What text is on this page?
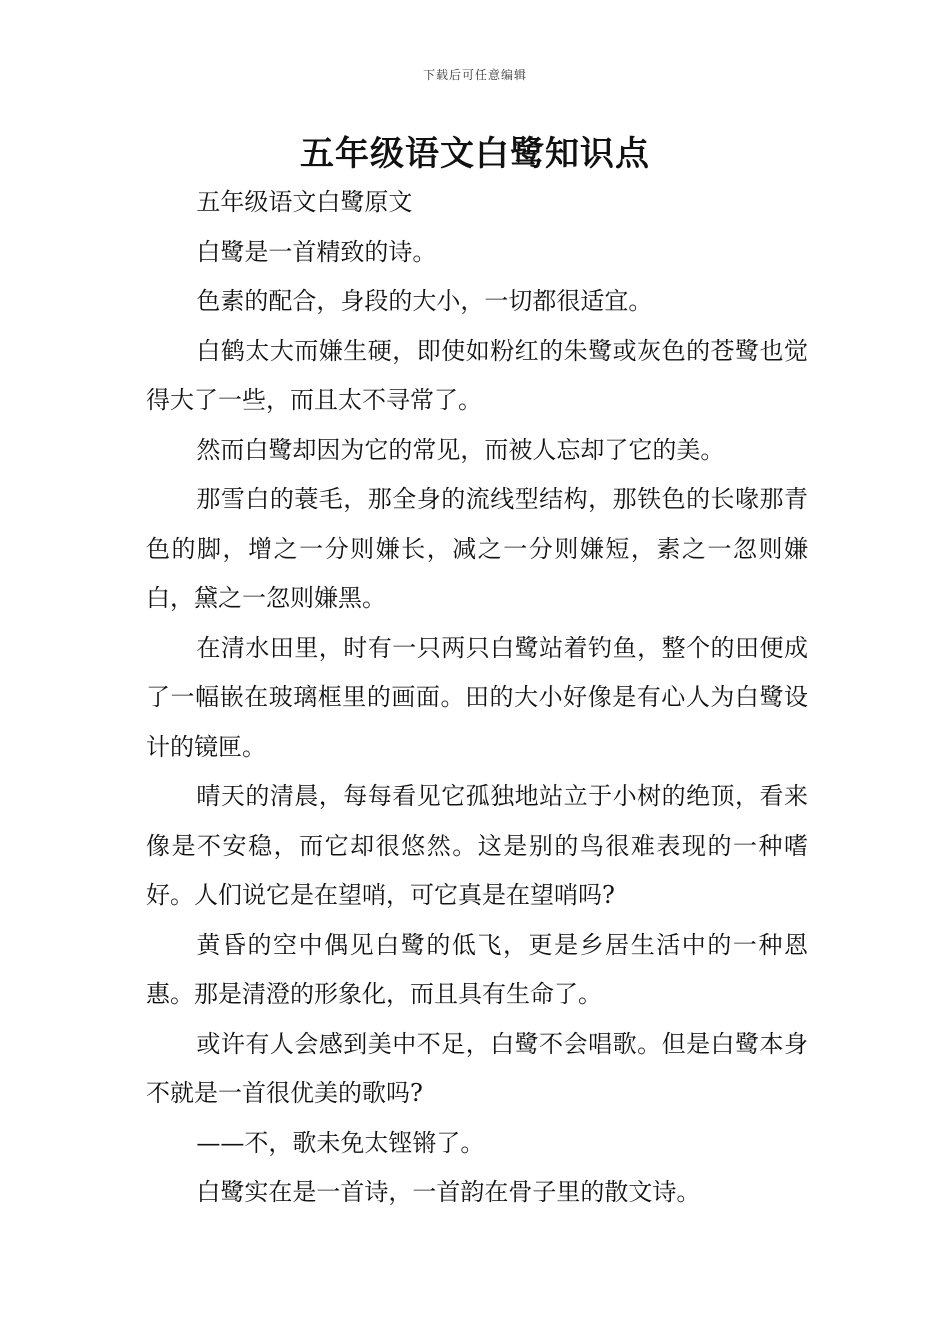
下载后可任意编辑
五年级语文白鹭知识点

五年级语文白鹭原文

白鹭是一首精致的诗。

色素的配合，身段的大小，一切都很适宜。

白鹤太大而嫌生硬，即使如粉红的朱鹭或灰色的苍鹭也觉得大了一些，而且太不寻常了。

然而白鹭却因为它的常见，而被人忘却了它的美。

那雪白的蓑毛，那全身的流线型结构，那铁色的长喙那青色的脚，增之一分则嫌长，减之一分则嫌短，素之一忽则嫌白，黛之一忽则嫌黑。

在清水田里，时有一只两只白鹭站着钓鱼，整个的田便成了一幅嵌在玻璃框里的画面。田的大小好像是有心人为白鹭设计的镜匣。

晴天的清晨，每每看见它孤独地站立于小树的绝顶，看来像是不安稳，而它却很悠然。这是别的鸟很难表现的一种嗜好。人们说它是在望哨，可它真是在望哨吗?

黄昏的空中偶见白鹭的低飞，更是乡居生活中的一种恩惠。那是清澄的形象化，而且具有生命了。

或许有人会感到美中不足，白鹭不会唱歌。但是白鹭本身不就是一首很优美的歌吗?

——不，歌未免太铿锵了。

白鹭实在是一首诗，一首韵在骨子里的散文诗。
